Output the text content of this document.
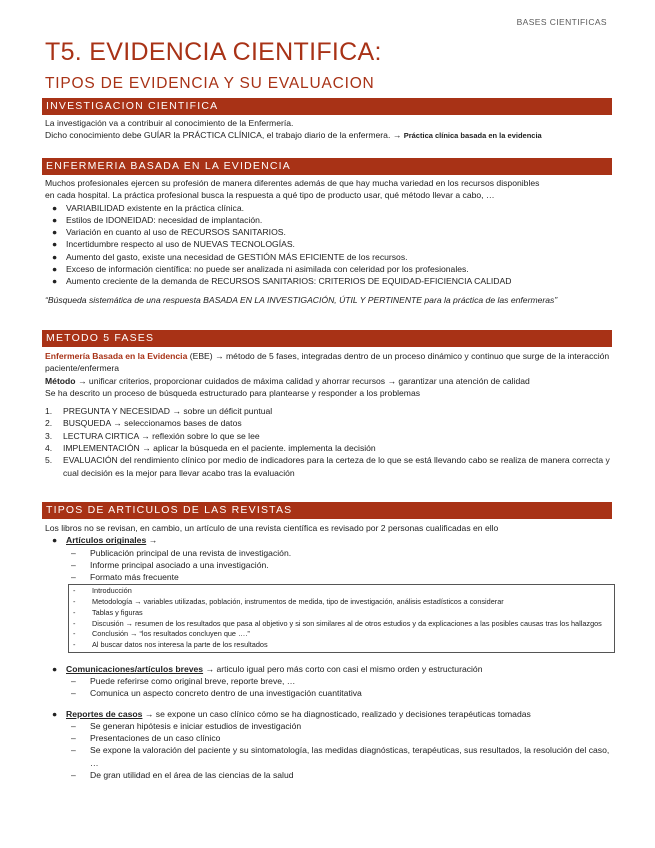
BASES CIENTIFICAS
T5. EVIDENCIA CIENTIFICA:
TIPOS DE EVIDENCIA Y SU EVALUACION
INVESTIGACION CIENTIFICA

La investigación va a contribuir al conocimiento de la Enfermería.

Dicho conocimiento debe GUÍAR la PRÁCTICA CLÍNICA, el trabajo diario de la enfermera. → Práctica clínica basada en la evidencia

ENFERMERIA BASADA EN LA EVIDENCIA

Muchos profesionales ejercen su profesión de manera diferentes además de que hay mucha variedad en los recursos disponibles

en cada hospital. La práctica profesional busca la respuesta a qué tipo de producto usar, qué método llevar a cabo, …

● VARIABILIDAD existente en la práctica clínica.
● Estilos de IDONEIDAD: necesidad de implantación.
● Variación en cuanto al uso de RECURSOS SANITARIOS.
● Incertidumbre respecto al uso de NUEVAS TECNOLOGÍAS.
● Aumento del gasto, existe una necesidad de GESTIÓN MÁS EFICIENTE de los recursos.
● Exceso de información científica: no puede ser analizada ni asimilada con celeridad por los profesionales.
● Aumento creciente de la demanda de RECURSOS SANITARIOS: CRITERIOS DE EQUIDAD-EFICIENCIA CALIDAD

“Búsqueda sistemática de una respuesta BASADA EN LA INVESTIGACIÓN, ÚTIL Y PERTINENTE para la práctica de las enfermeras”

METODO 5 FASES

Enfermería Basada en la Evidencia (EBE) → método de 5 fases, integradas dentro de un proceso dinámico y continuo que surge de la interacción paciente/enfermera

Método → unificar criterios, proporcionar cuidados de máxima calidad y ahorrar recursos → garantizar una atención de calidad

Se ha descrito un proceso de búsqueda estructurado para plantearse y responder a los problemas

1. PREGUNTA Y NECESIDAD → sobre un déficit puntual
2. BUSQUEDA → seleccionamos bases de datos
3. LECTURA CIRTICA → reflexión sobre lo que se lee
4. IMPLEMENTACIÓN → aplicar la búsqueda en el paciente. implementa la decisión
5. EVALUACIÓN del rendimiento clínico por medio de indicadores para la certeza de lo que se está llevando cabo se realiza de manera correcta y cual decisión es la mejor para llevar acabo tras la evaluación
TIPOS DE ARTICULOS DE LAS REVISTAS

Los libros no se revisan, en cambio, un artículo de una revista científica es revisado por 2 personas cualificadas en ello

● Artículos originales →
– Publicación principal de una revista de investigación.
– Informe principal asociado a una investigación.
– Formato más frecuente
- Introducción
- Metodología → variables utilizadas, población, instrumentos de medida, tipo de investigación, análisis estadísticos a considerar
- Tablas y figuras
- Discusión → resumen de los resultados que pasa al objetivo y si son similares al de otros estudios y da explicaciones a las posibles causas tras los hallazgos
- Conclusión → “los resultados concluyen que ….”
- Al buscar datos nos interesa la parte de los resultados
● Comunicaciones/artículos breves → articulo igual pero más corto con casi el mismo orden y estructuración
– Puede referirse como original breve, reporte breve, …
– Comunica un aspecto concreto dentro de una investigación cuantitativa
● Reportes de casos → se expone un caso clínico cómo se ha diagnosticado, realizado y decisiones terapéuticas tomadas
– Se generan hipótesis e iniciar estudios de investigación
– Presentaciones de un caso clínico
– Se expone la valoración del paciente y su sintomatología, las medidas diagnósticas, terapéuticas, sus resultados, la resolución del caso, …
– De gran utilidad en el área de las ciencias de la salud
